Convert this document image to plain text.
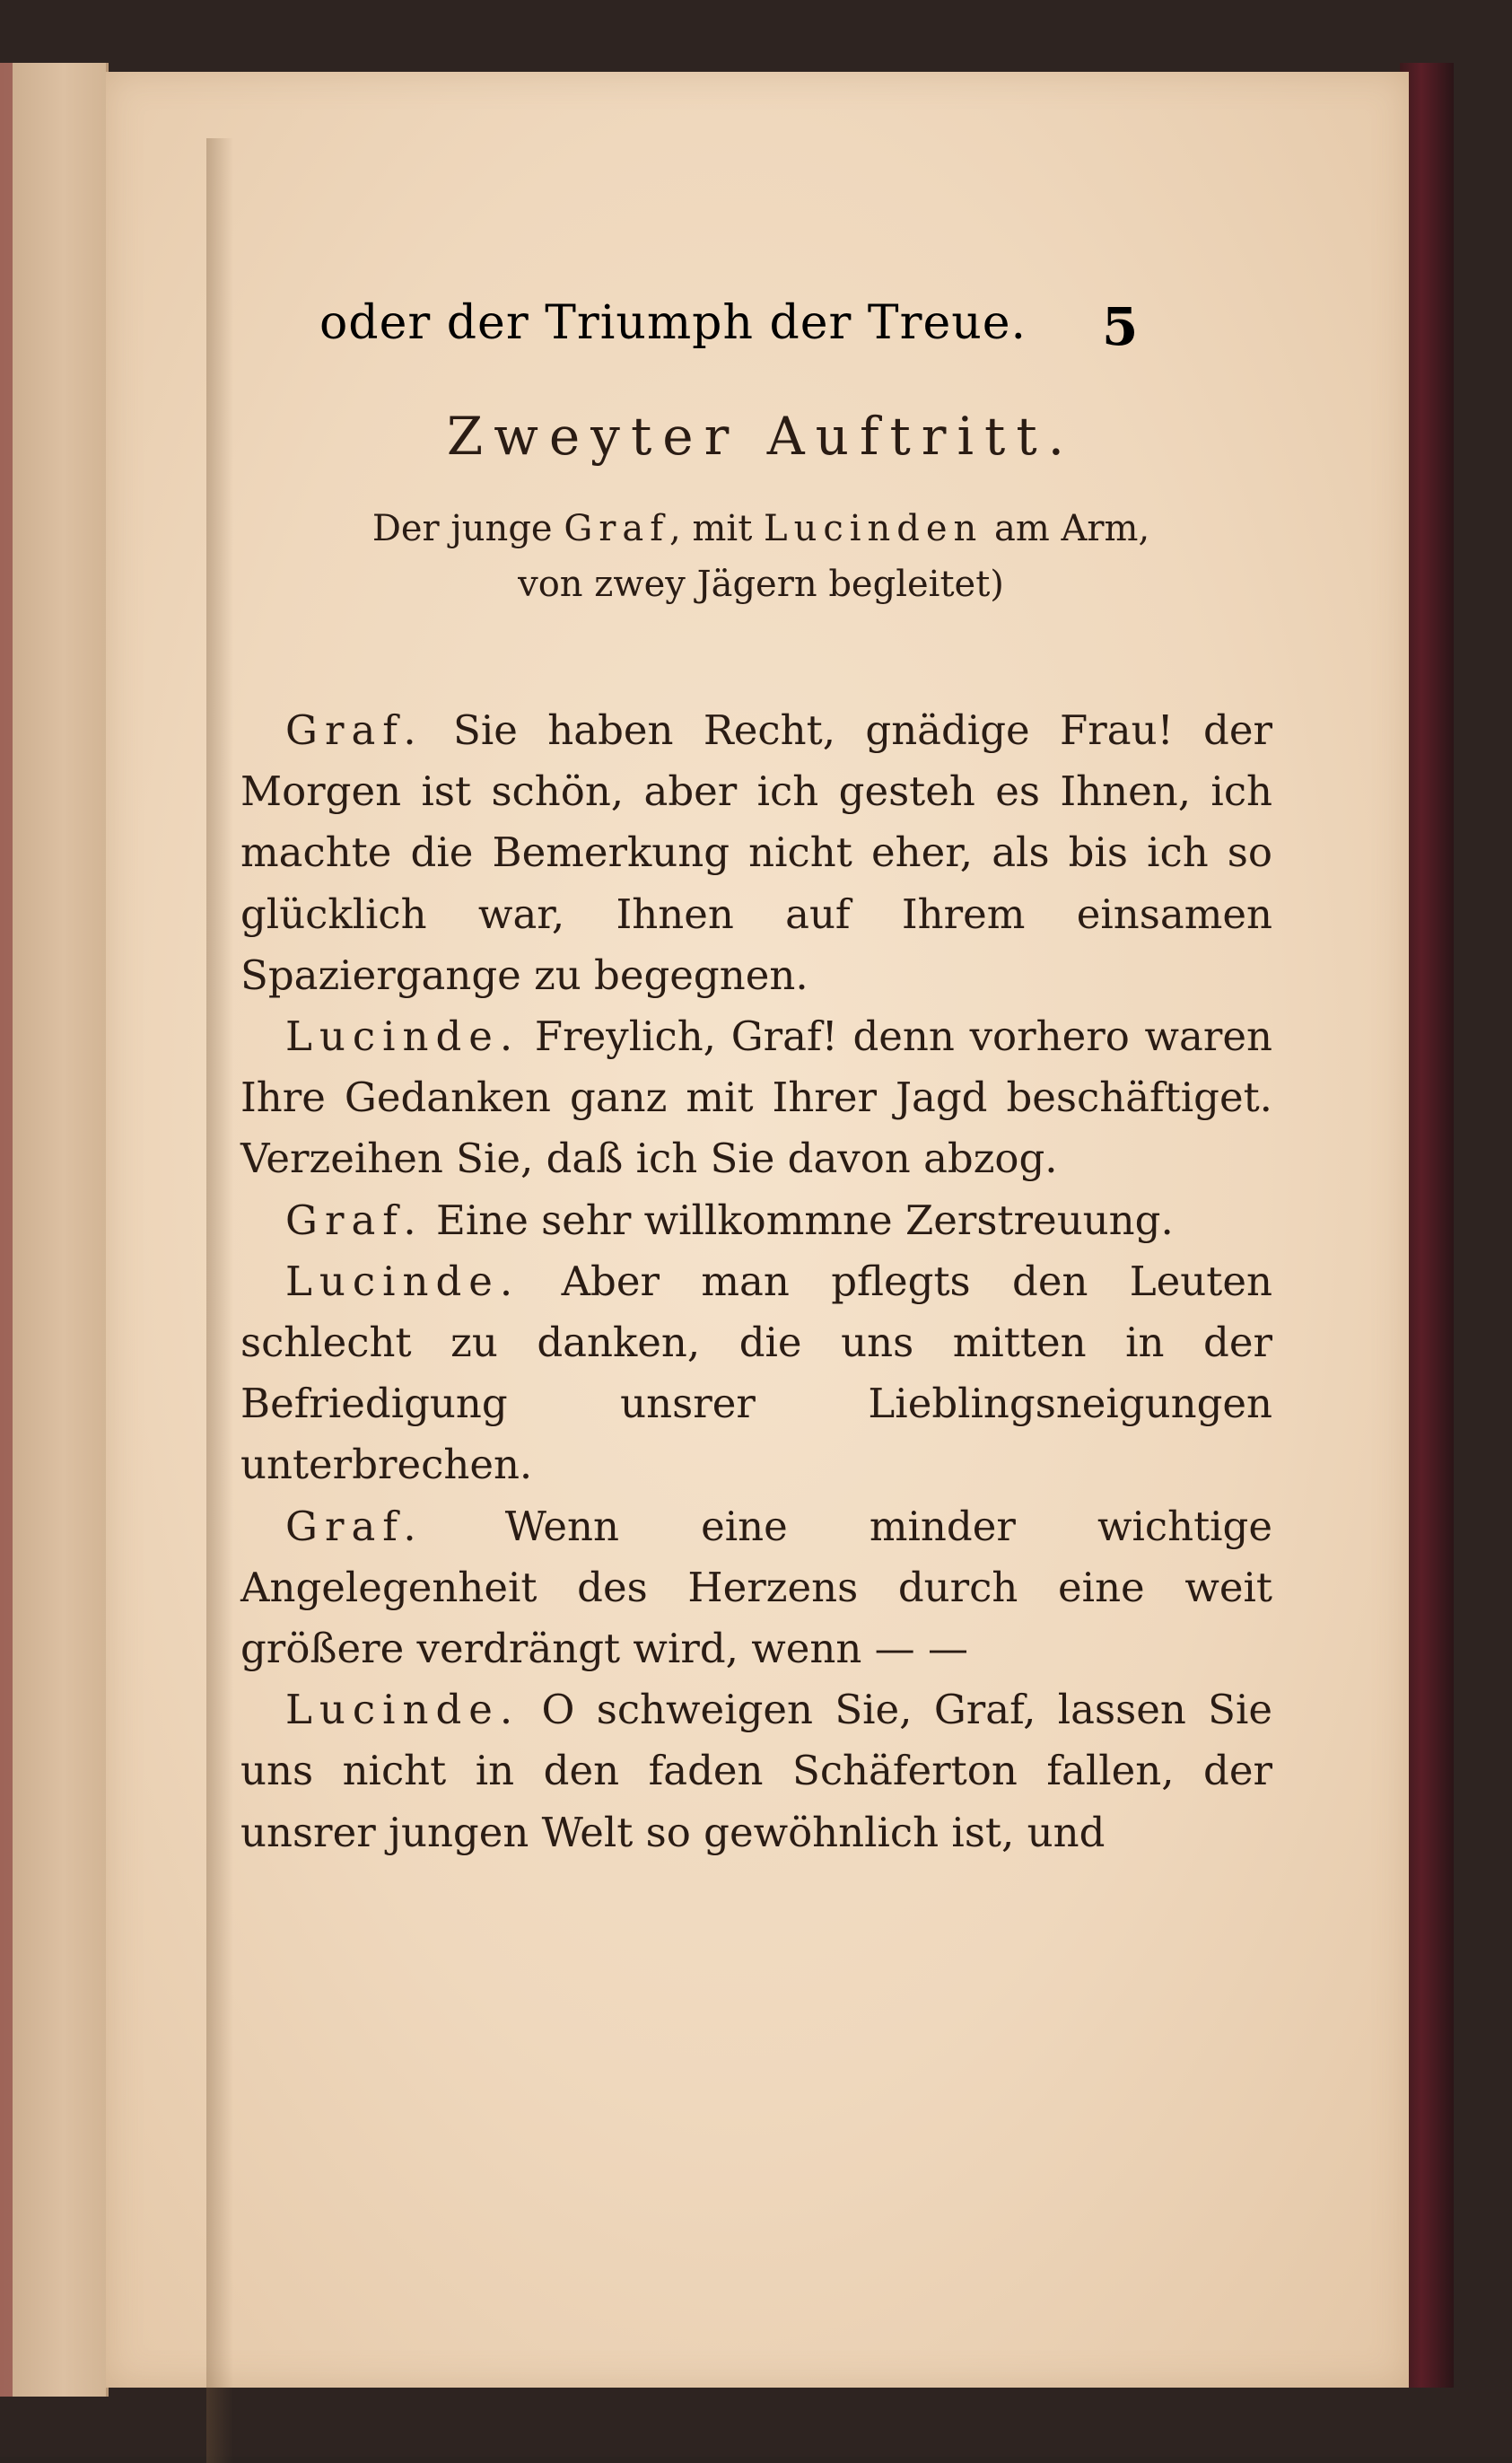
oder der Triumph der Treue.	5
Zweyter Auftritt.
Der junge Graf, mit Lucinden am Arm,
von zwey Jägern begleitet)

Graf. Sie haben Recht, gnädige Frau! der Morgen ist schön, aber ich gesteh es Ihnen, ich machte die Bemerkung nicht eher, als bis ich so glücklich war, Ihnen auf Ihrem einsamen Spaziergange zu begegnen.

Lucinde. Freylich, Graf! denn vorhero waren Ihre Gedanken ganz mit Ihrer Jagd beschäftiget. Verzeihen Sie, daß ich Sie davon abzog.

Graf. Eine sehr willkommne Zerstreuung.

Lucinde. Aber man pflegts den Leuten schlecht zu danken, die uns mitten in der Befriedigung unsrer Lieblingsneigungen unterbrechen.

Graf. Wenn eine minder wichtige Angelegenheit des Herzens durch eine weit größere verdrängt wird, wenn — —

Lucinde. O schweigen Sie, Graf, lassen Sie uns nicht in den faden Schäferton fallen, der unsrer jungen Welt so gewöhnlich ist, und
